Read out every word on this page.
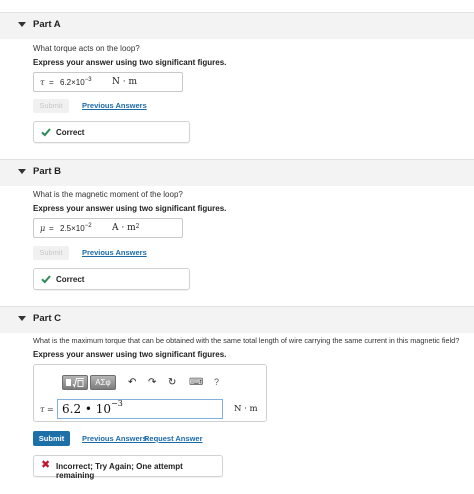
Part A
What torque acts on the loop?
Express your answer using two significant figures.
$\tau = 6.2\times 10^{-3}$ N · m
Submit	Previous Answers
Correct
Part B
What is the magnetic moment of the loop?
Express your answer using two significant figures.
$\mu = 2.5\times 10^{-2}$ $A \cdot m^2$
Submit	Previous Answers
Correct
Part C
What is the maximum torque that can be obtained with the same total length of wire carrying the same current in this magnetic field?
Express your answer using two significant figures.
ΑΣφ	↶ ↷ ↻ ⌨ ?
τ = 6.2 • $10^{-3}$
N · m
Submit	Previous Answers
Request Answer
✖ Incorrect; Try Again; One attempt remaining
